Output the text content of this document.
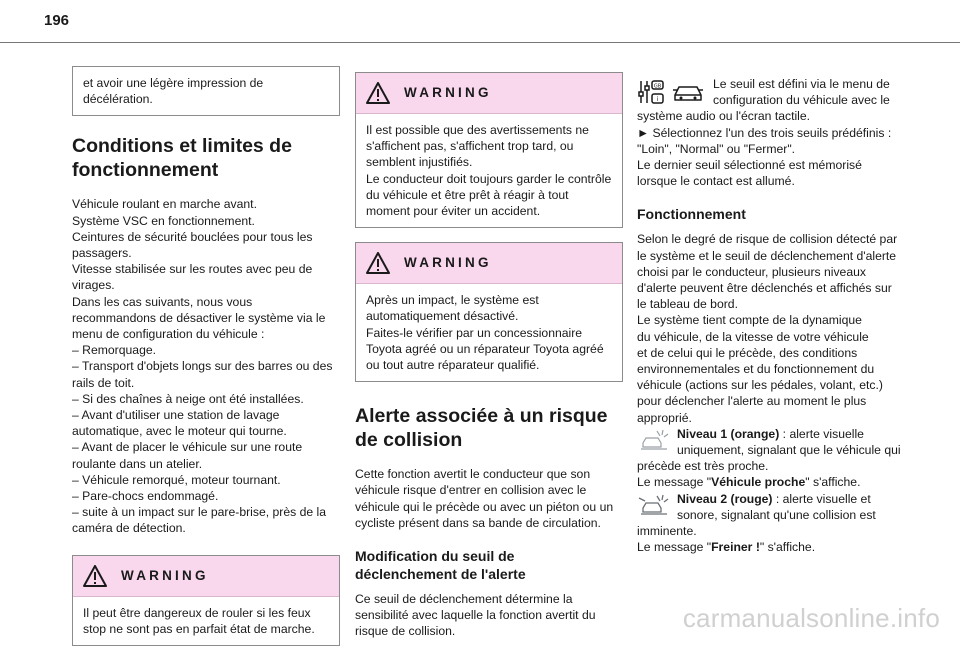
196
et avoir une légère impression de
décélération.
Conditions et limites de
fonctionnement
Véhicule roulant en marche avant.
Système VSC en fonctionnement.
Ceintures de sécurité bouclées pour tous les
passagers.
Vitesse stabilisée sur les routes avec peu de
virages.
Dans les cas suivants, nous vous
recommandons de désactiver le système via le
menu de configuration du véhicule :
– Remorquage.
– Transport d'objets longs sur des barres ou des
rails de toit.
– Si des chaînes à neige ont été installées.
– Avant d'utiliser une station de lavage
automatique, avec le moteur qui tourne.
– Avant de placer le véhicule sur une route
roulante dans un atelier.
– Véhicule remorqué, moteur tournant.
– Pare-chocs endommagé.
– suite à un impact sur le pare-brise, près de la
caméra de détection.
WARNING
Il peut être dangereux de rouler si les feux
stop ne sont pas en parfait état de marche.
WARNING
Il est possible que des avertissements ne
s'affichent pas, s'affichent trop tard, ou
semblent injustifiés.
Le conducteur doit toujours garder le contrôle
du véhicule et être prêt à réagir à tout
moment pour éviter un accident.
WARNING
Après un impact, le système est
automatiquement désactivé.
Faites-le vérifier par un concessionnaire
Toyota agréé ou un réparateur Toyota agréé
ou tout autre réparateur qualifié.
Alerte associée à un risque
de collision
Cette fonction avertit le conducteur que son
véhicule risque d'entrer en collision avec le
véhicule qui le précède ou avec un piéton ou un
cycliste présent dans sa bande de circulation.
Modification du seuil de
déclenchement de l'alerte
Ce seuil de déclenchement détermine la
sensibilité avec laquelle la fonction avertit du
risque de collision.
GB
i
Le seuil est défini via le menu de
configuration du véhicule avec le
système audio ou l'écran tactile.
► Sélectionnez l'un des trois seuils prédéfinis :
"Loin", "Normal" ou "Fermer".
Le dernier seuil sélectionné est mémorisé
lorsque le contact est allumé.
Fonctionnement
Selon le degré de risque de collision détecté par
le système et le seuil de déclenchement d'alerte
choisi par le conducteur, plusieurs niveaux
d'alerte peuvent être déclenchés et affichés sur
le tableau de bord.
Le système tient compte de la dynamique
du véhicule, de la vitesse de votre véhicule
et de celui qui le précède, des conditions
environnementales et du fonctionnement du
véhicule (actions sur les pédales, volant, etc.)
pour déclencher l'alerte au moment le plus
approprié.
Niveau 1 (orange) : alerte visuelle
uniquement, signalant que le véhicule qui
précède est très proche.
Le message "Véhicule proche" s'affiche.
Niveau 2 (rouge) : alerte visuelle et
sonore, signalant qu'une collision est
imminente.
Le message "Freiner !" s'affiche.
carmanualsonline.info
